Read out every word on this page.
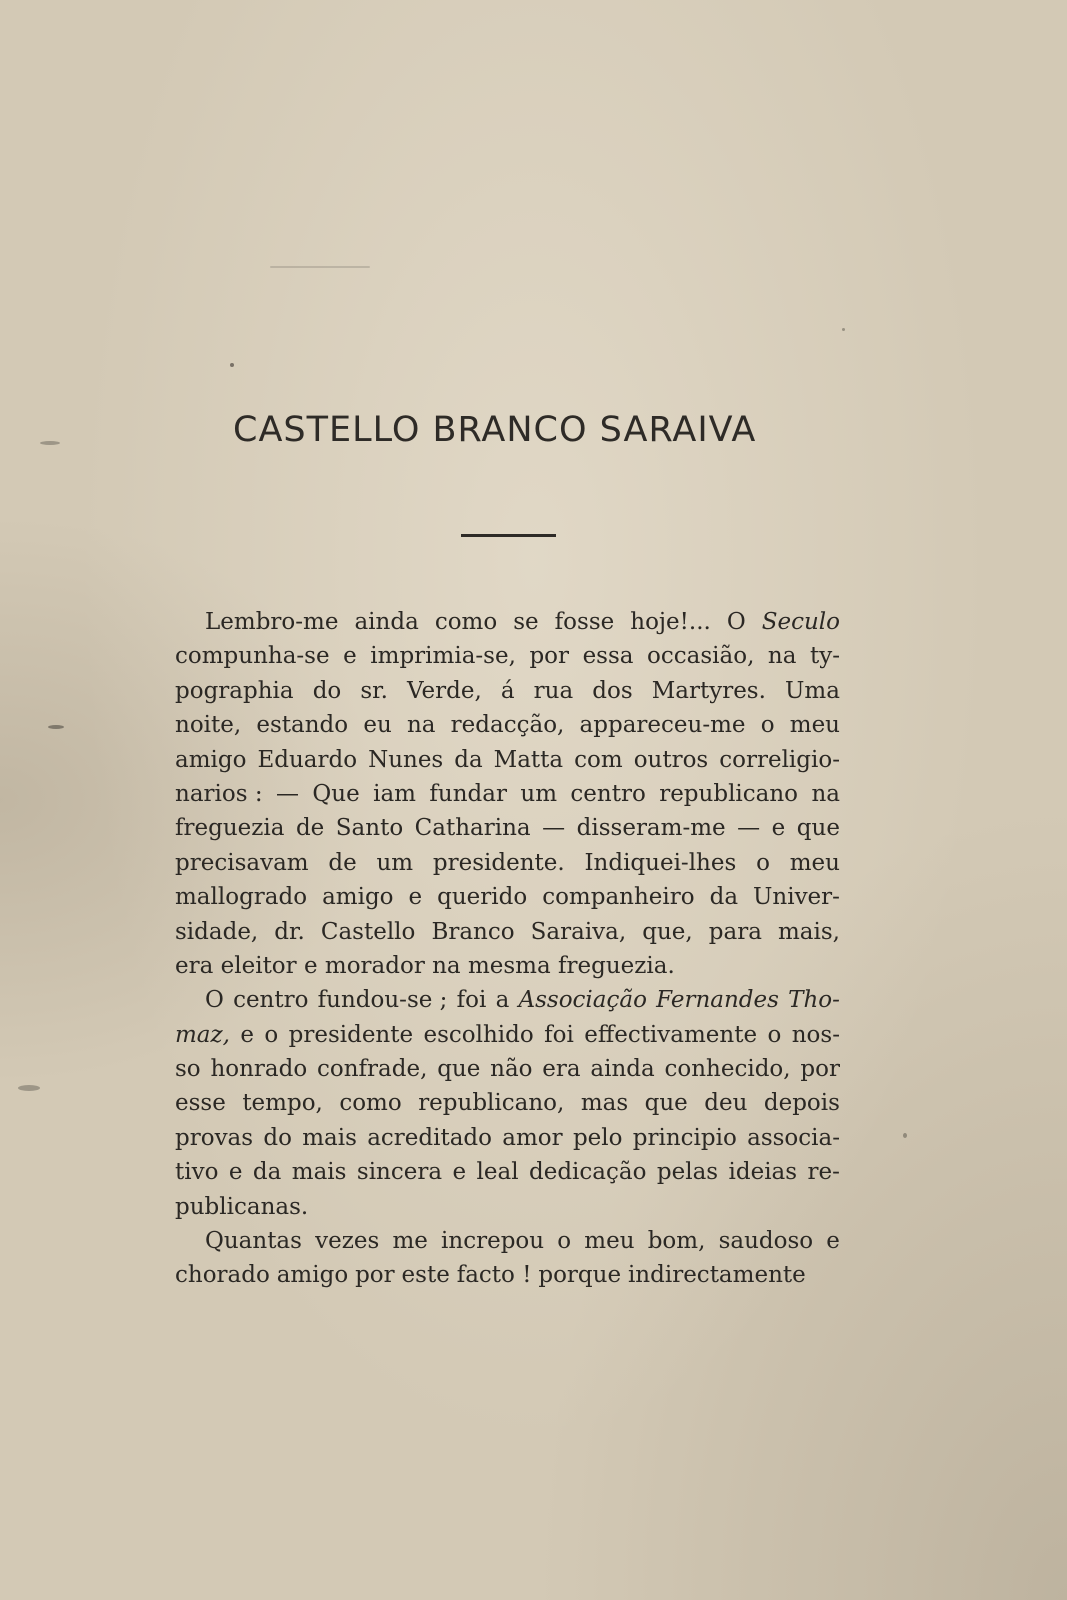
CASTELLO BRANCO SARAIVA
Lembro-me ainda como se fosse hoje!... O Seculo
compunha-se e imprimia-se, por essa occasião, na ty-
pographia do sr. Verde, á rua dos Martyres. Uma
noite, estando eu na redacção, appareceu-me o meu
amigo Eduardo Nunes da Matta com outros correligio-
narios : — Que iam fundar um centro republicano na
freguezia de Santo Catharina — disseram-me — e que
precisavam de um presidente. Indiquei-lhes o meu
mallogrado amigo e querido companheiro da Univer-
sidade, dr. Castello Branco Saraiva, que, para mais,
era eleitor e morador na mesma freguezia.
O centro fundou-se ; foi a Associação Fernandes Tho-
maz, e o presidente escolhido foi effectivamente o nos-
so honrado confrade, que não era ainda conhecido, por
esse tempo, como republicano, mas que deu depois
provas do mais acreditado amor pelo principio associa-
tivo e da mais sincera e leal dedicação pelas ideias re-
publicanas.
Quantas vezes me increpou o meu bom, saudoso e
chorado amigo por este facto ! porque indirectamente
